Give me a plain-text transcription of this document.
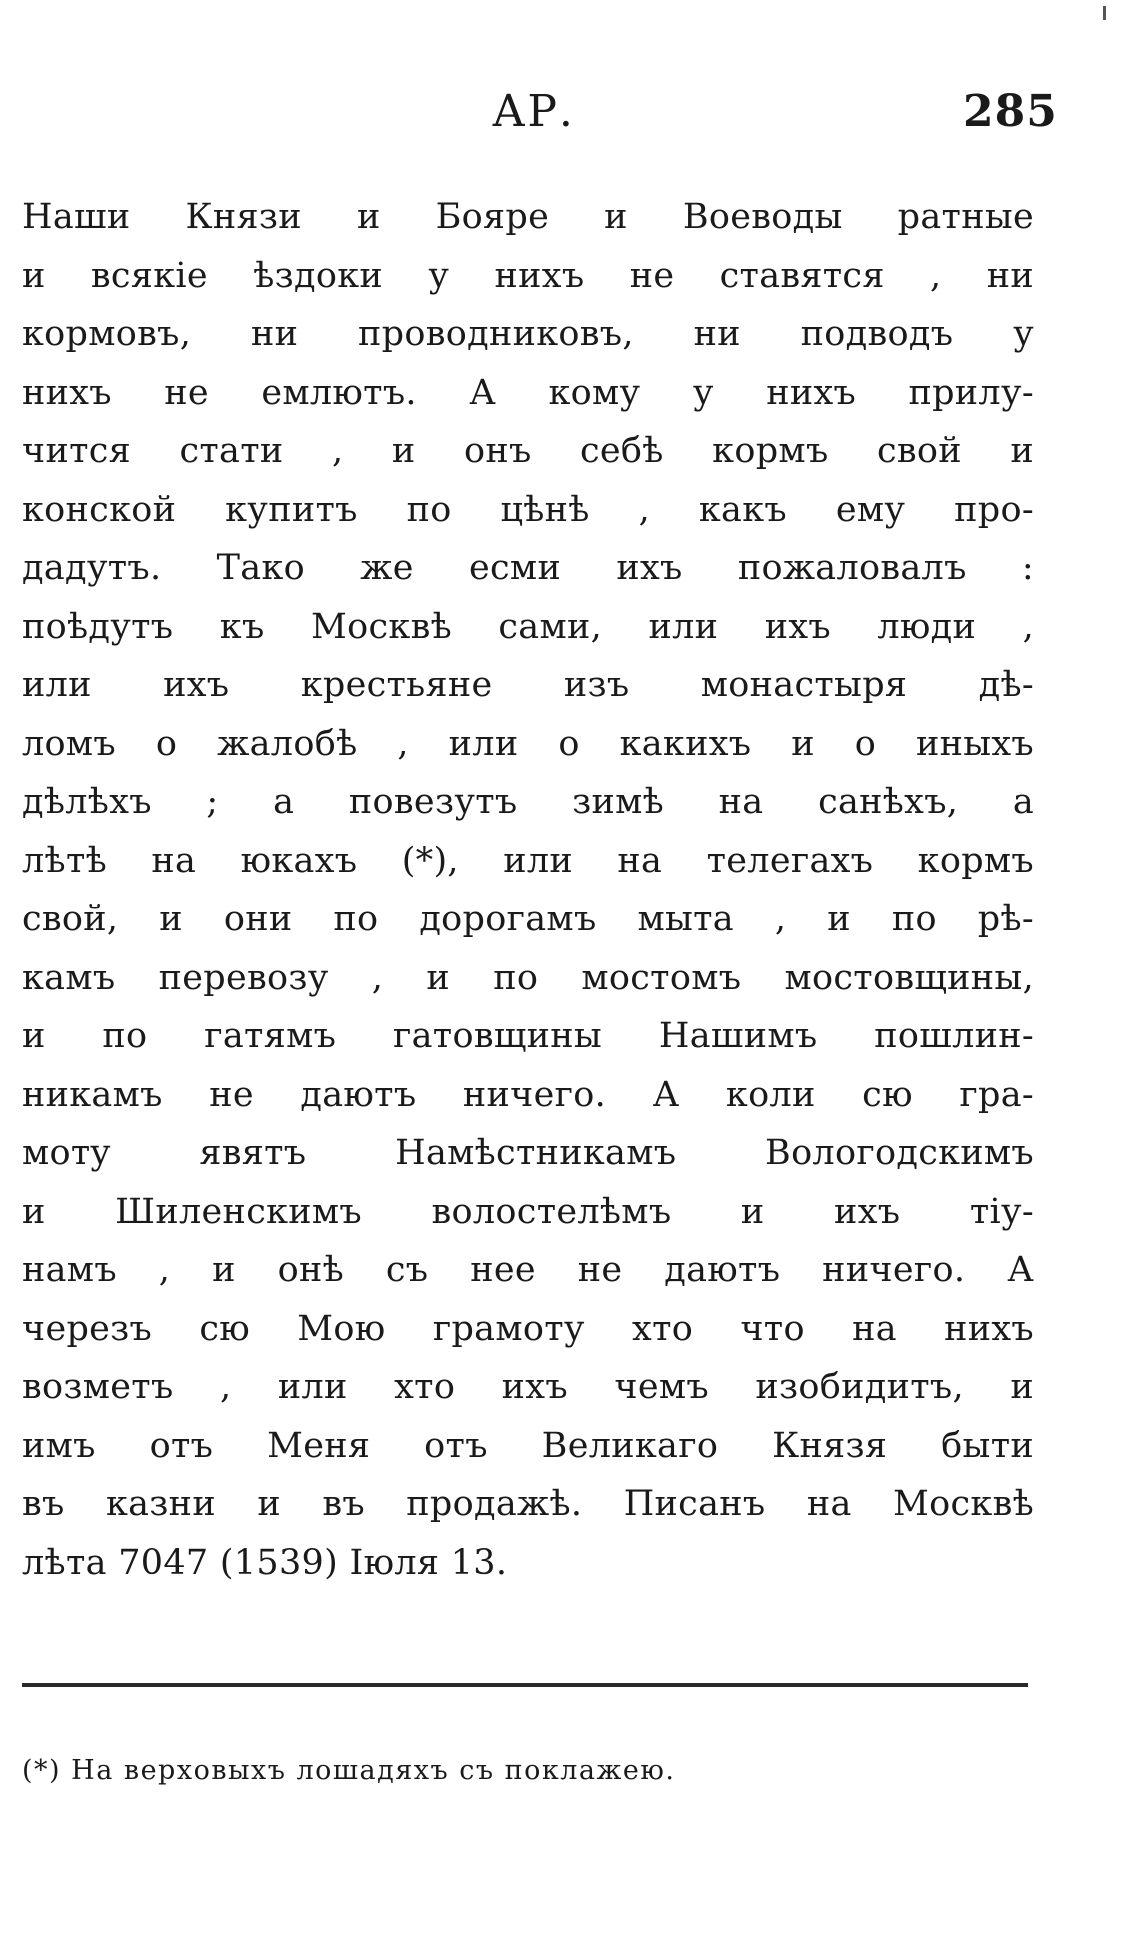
АР.	285
Наши Князи и Бояре и Воеводы ратные
и всякіе ѣздоки у нихъ не ставятся , ни
кормовъ, ни проводниковъ, ни подводъ у
нихъ не емлютъ. А кому у нихъ прилу-
чится стати , и онъ себѣ кормъ свой и
конской купитъ по цѣнѣ , какъ ему про-
дадутъ. Тако же есми ихъ пожаловалъ :
поѣдутъ къ Москвѣ сами, или ихъ люди ,
или ихъ крестьяне изъ монастыря дѣ-
ломъ о жалобѣ , или о какихъ и о иныхъ
дѣлѣхъ ; а повезутъ зимѣ на санѣхъ, а
лѣтѣ на юкахъ (*), или на телегахъ кормъ
свой, и они по дорогамъ мыта , и по рѣ-
камъ перевозу , и по мостомъ мостовщины,
и по гатямъ гатовщины Нашимъ пошлин-
никамъ не даютъ ничего. А коли сю гра-
мотy явятъ Намѣстникамъ Вологодскимъ
и Шиленскимъ волостелѣмъ и ихъ тіу-
намъ , и онѣ съ нее не даютъ ничего. А
черезъ сю Мою грамоту хто что на нихъ
возметъ , или хто ихъ чемъ изобидитъ, и
имъ отъ Меня отъ Великаго Князя быти
въ казни и въ продажѣ. Писанъ на Москвѣ
лѣта 7047 (1539) Іюля 13.
(*) На верховыхъ лошадяхъ съ поклажею.
